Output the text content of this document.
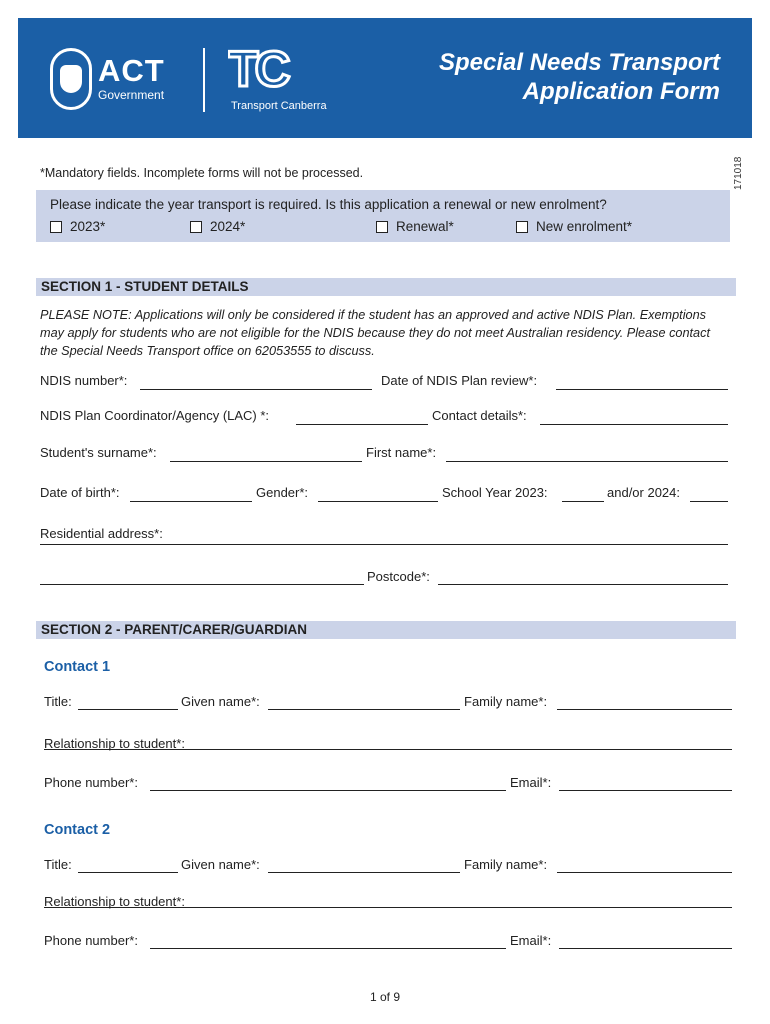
ACT
Government TC
Transport Canberra
Special Needs Transport
Application Form
*Mandatory fields. Incomplete forms will not be processed.	171018
Please indicate the year transport is required. Is this application a renewal or new enrolment?
2023*	2024*	Renewal*	New enrolment*
SECTION 1 - STUDENT DETAILS
PLEASE NOTE: Applications will only be considered if the student has an approved and active NDIS Plan. Exemptions may apply for students who are not eligible for the NDIS because they do not meet Australian residency. Please contact the Special Needs Transport office on 62053555 to discuss.
NDIS number*:	Date of NDIS Plan review*:
NDIS Plan Coordinator/Agency (LAC) *:	Contact details*:
Student's surname*:	First name*:
Date of birth*:	Gender*:	School Year 2023:	and/or 2024:
Residential address*:
Postcode*:
SECTION 2 - PARENT/CARER/GUARDIAN
Contact 1
Title:	Given name*:	Family name*:
Relationship to student*:
Phone number*:	Email*:
Contact 2
Title:	Given name*:	Family name*:
Relationship to student*:
Phone number*:	Email*:
1 of 9
